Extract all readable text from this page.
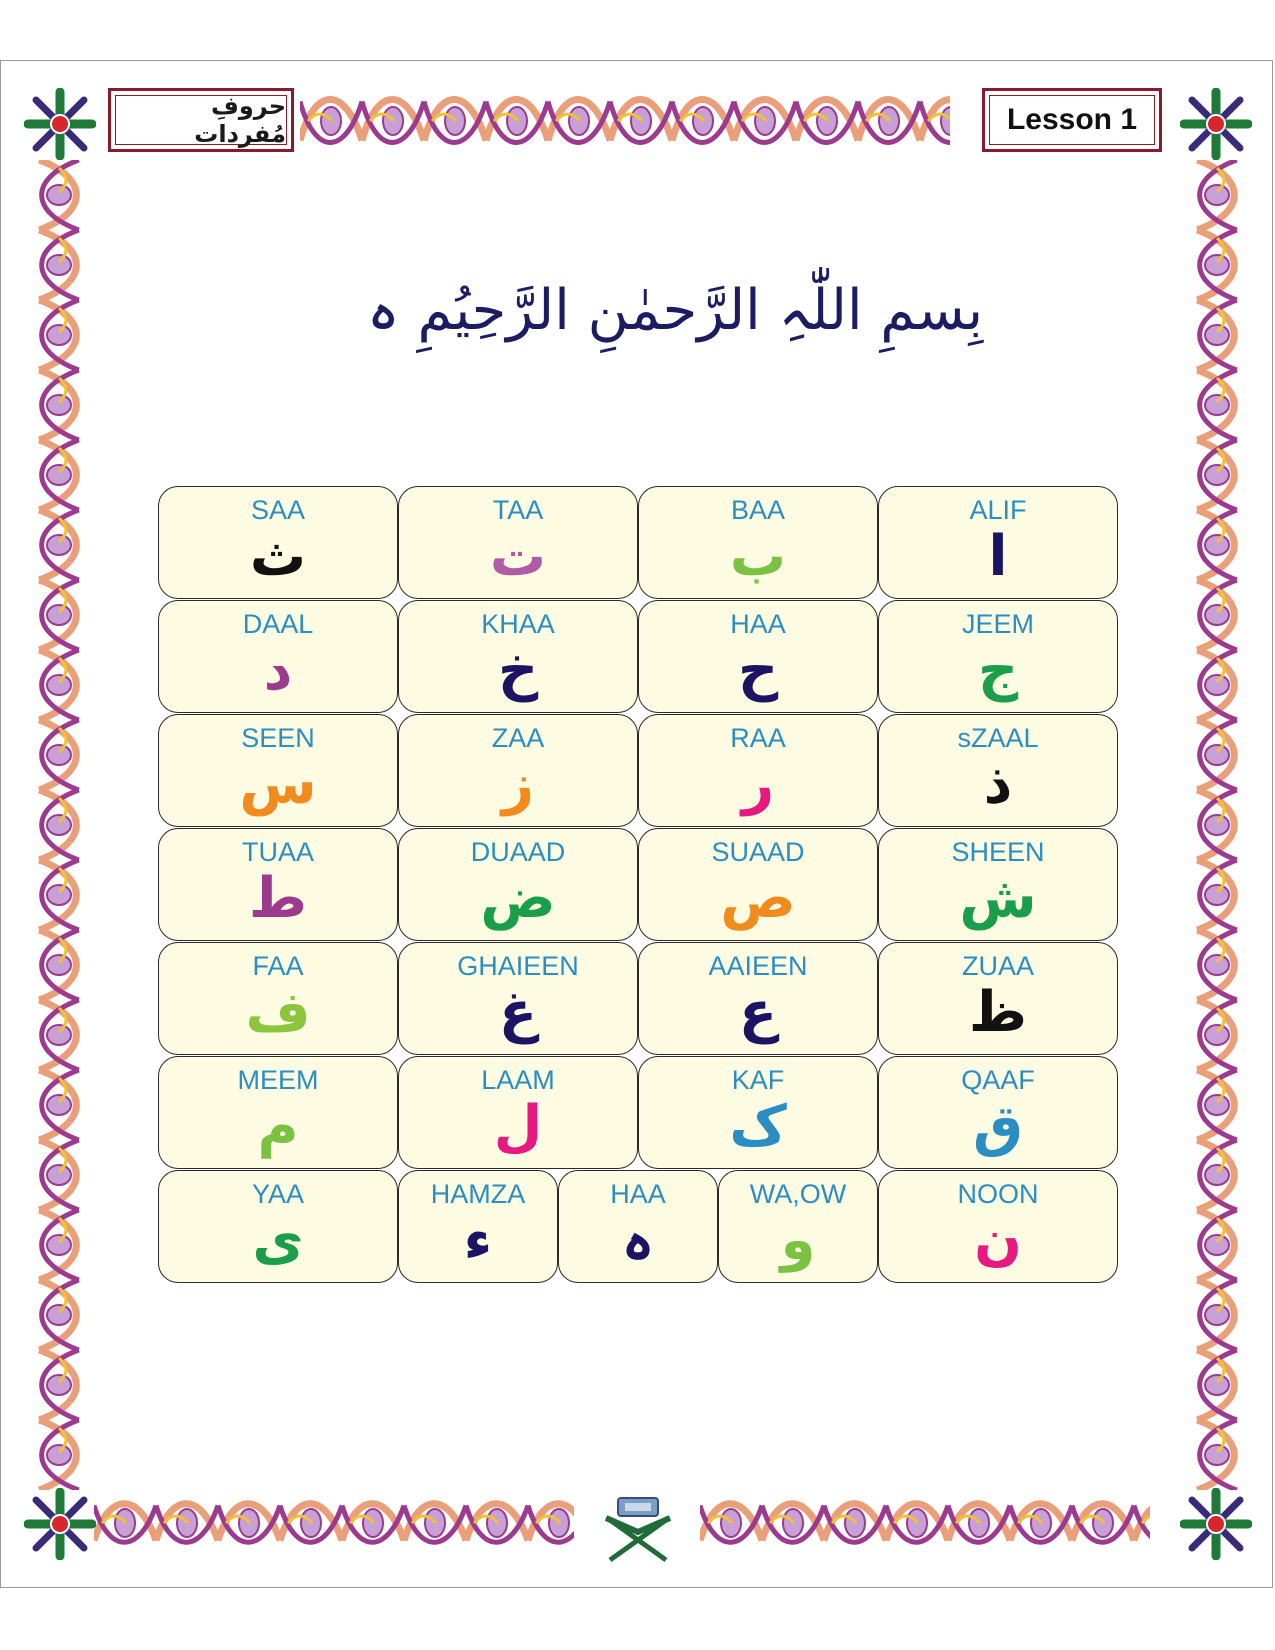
حروفِ مُفردات	Lesson 1
بِسمِ اللّٰہِ الرَّحمٰنِ الرَّحِیُمِ ہ
SAA
ث
TAA
ت
BAA
ب
ALIF
ا
DAAL
د
KHAA
خ
HAA
ح
JEEM
ج
SEEN
س
ZAA
ز
RAA
ر
sZAAL
ذ
TUAA
ط
DUAAD
ض
SUAAD
ص
SHEEN
ش
FAA
ف
GHAIEEN
غ
AAIEEN
ع
ZUAA
ظ
MEEM
م
LAAM
ل
KAF
ک
QAAF
ق
YAA
ی
HAMZA
ء
HAA
ہ
WA,OW
و
NOON
ن
